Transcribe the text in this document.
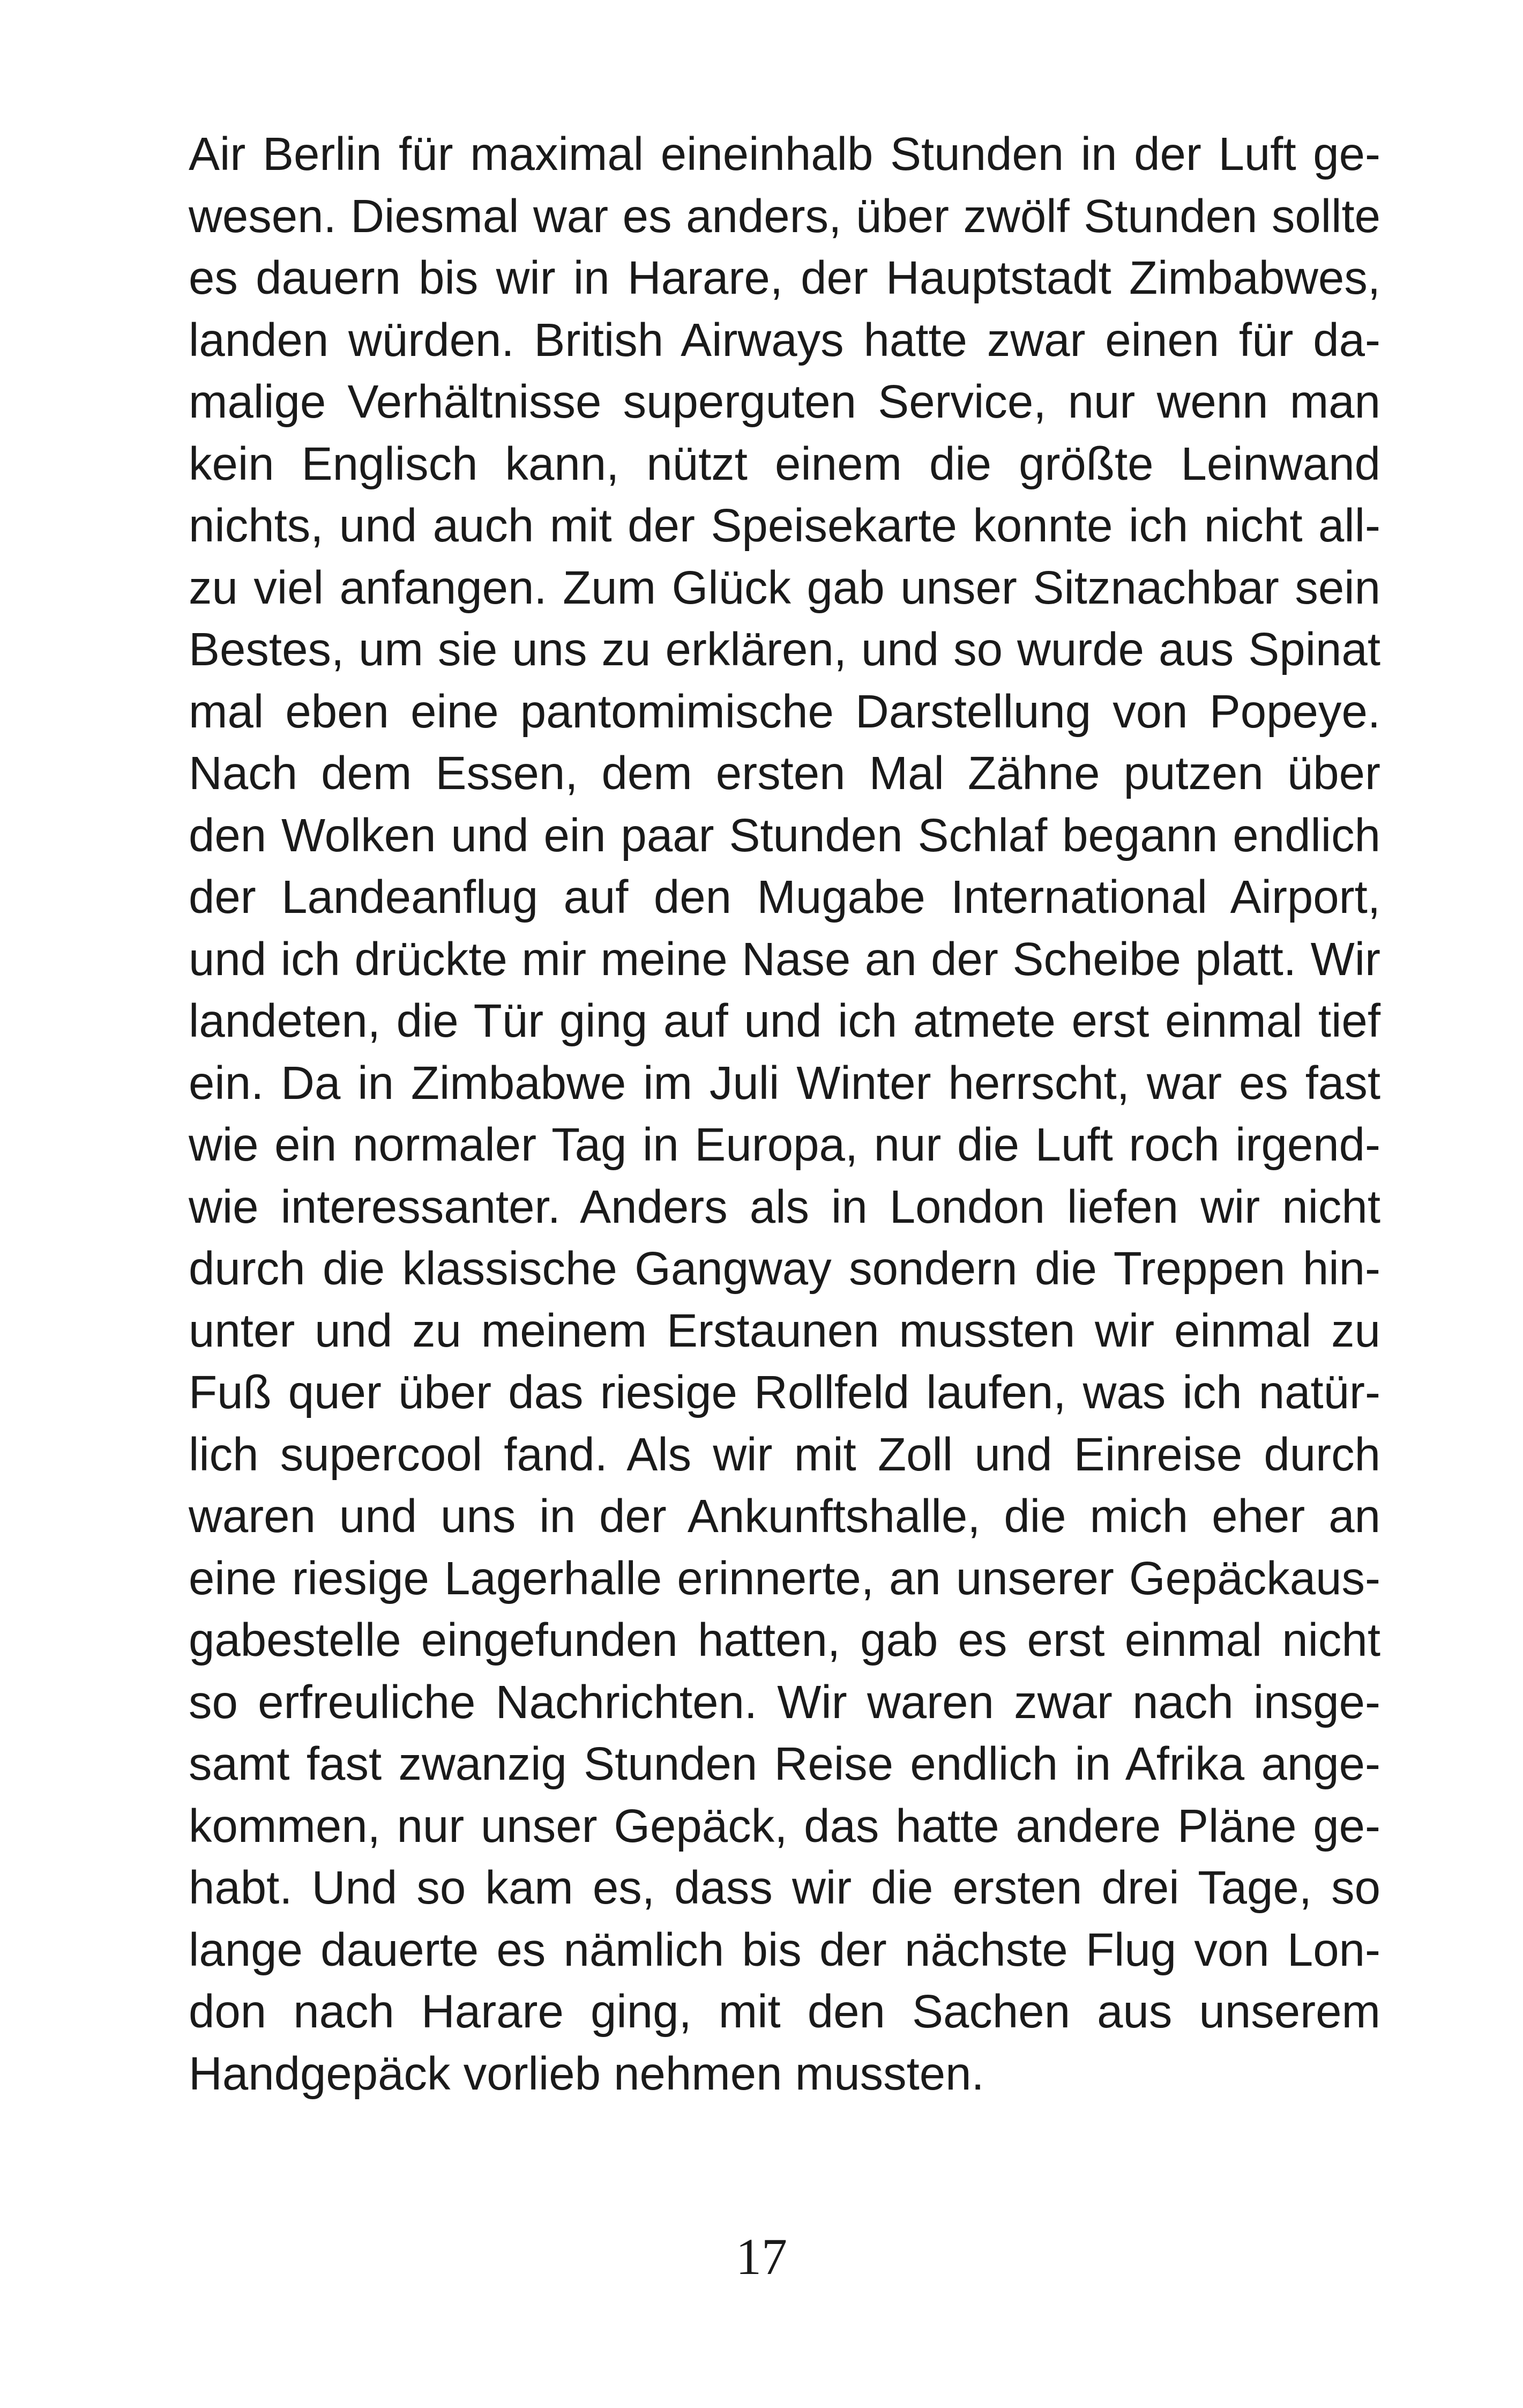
Air Berlin für maximal eineinhalb Stunden in der Luft ge-
wesen. Diesmal war es anders, über zwölf Stunden sollte
es dauern bis wir in Harare, der Hauptstadt Zimbabwes,
landen würden. British Airways hatte zwar einen für da-
malige Verhältnisse superguten Service, nur wenn man
kein Englisch kann, nützt einem die größte Leinwand
nichts, und auch mit der Speisekarte konnte ich nicht all-
zu viel anfangen. Zum Glück gab unser Sitznachbar sein
Bestes, um sie uns zu erklären, und so wurde aus Spinat
mal eben eine pantomimische Darstellung von Popeye.
Nach dem Essen, dem ersten Mal Zähne putzen über
den Wolken und ein paar Stunden Schlaf begann endlich
der Landeanflug auf den Mugabe International Airport,
und ich drückte mir meine Nase an der Scheibe platt. Wir
landeten, die Tür ging auf und ich atmete erst einmal tief
ein. Da in Zimbabwe im Juli Winter herrscht, war es fast
wie ein normaler Tag in Europa, nur die Luft roch irgend-
wie interessanter. Anders als in London liefen wir nicht
durch die klassische Gangway sondern die Treppen hin-
unter und zu meinem Erstaunen mussten wir einmal zu
Fuß quer über das riesige Rollfeld laufen, was ich natür-
lich supercool fand. Als wir mit Zoll und Einreise durch
waren und uns in der Ankunftshalle, die mich eher an
eine riesige Lagerhalle erinnerte, an unserer Gepäckaus-
gabestelle eingefunden hatten, gab es erst einmal nicht
so erfreuliche Nachrichten. Wir waren zwar nach insge-
samt fast zwanzig Stunden Reise endlich in Afrika ange-
kommen, nur unser Gepäck, das hatte andere Pläne ge-
habt. Und so kam es, dass wir die ersten drei Tage, so
lange dauerte es nämlich bis der nächste Flug von Lon-
don nach Harare ging, mit den Sachen aus unserem
Handgepäck vorlieb nehmen mussten.
17
